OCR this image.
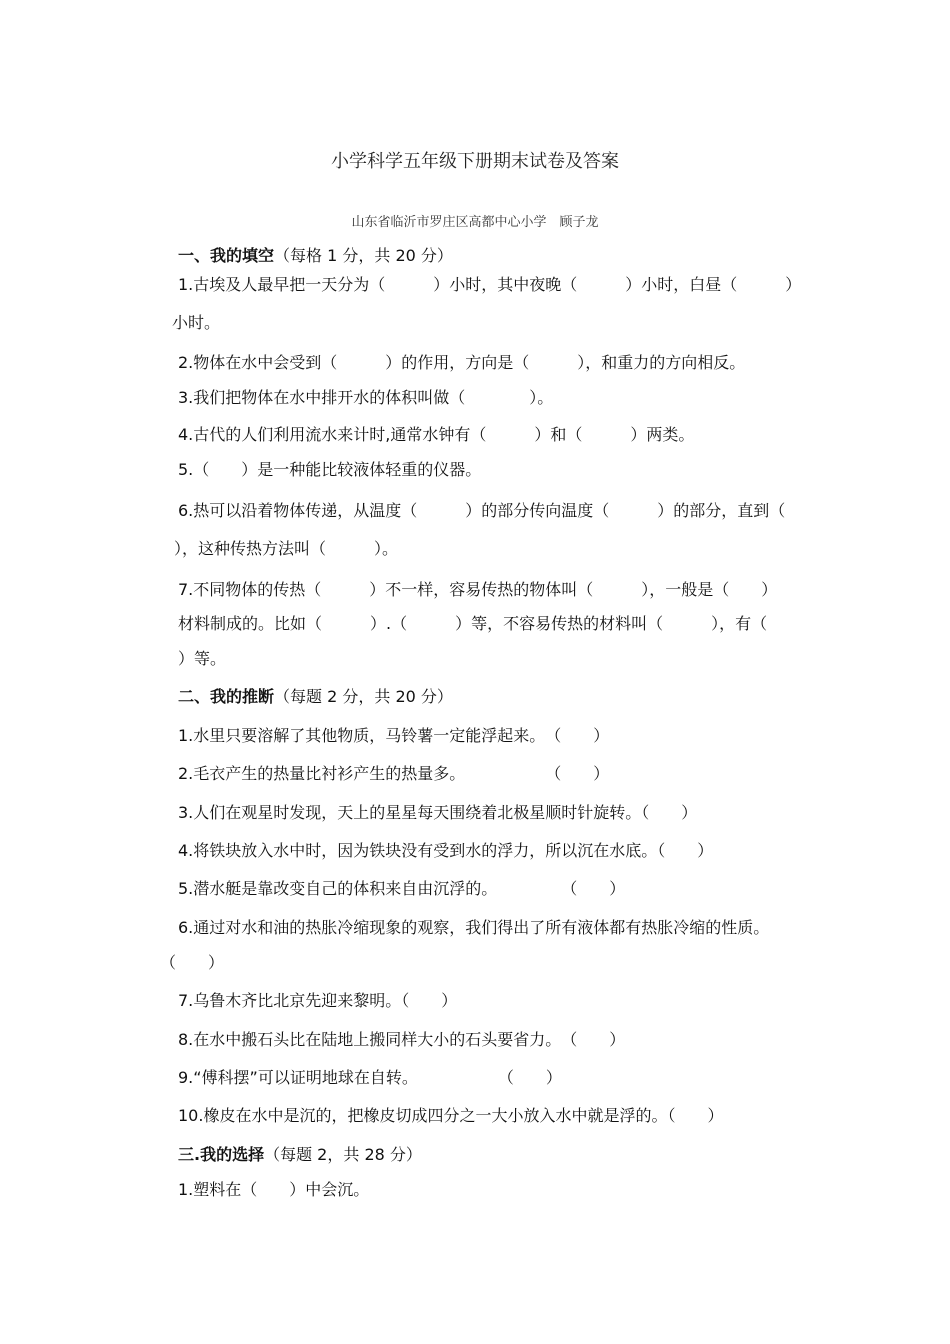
小学科学五年级下册期末试卷及答案
山东省临沂市罗庄区高都中心小学　顾子龙
一、我的填空（每格 1 分，共 20 分）
1.古埃及人最早把一天分为（　　　）小时，其中夜晚（　　　）小时，白昼（　　　）
小时。
2.物体在水中会受到（　　　）的作用，方向是（　　　），和重力的方向相反。
3.我们把物体在水中排开水的体积叫做（　　　　）。
4.古代的人们利用流水来计时,通常水钟有（　　　）和（　　　）两类。
5.（　　）是一种能比较液体轻重的仪器。
6.热可以沿着物体传递，从温度（　　　）的部分传向温度（　　　）的部分，直到（
），这种传热方法叫（　　　）。
7.不同物体的传热（　　　）不一样，容易传热的物体叫（　　　），一般是（　　）
材料制成的。比如（　　　）.（　　　）等，不容易传热的材料叫（　　　），有（
）等。
二、我的推断（每题 2 分，共 20 分）
1.水里只要溶解了其他物质，马铃薯一定能浮起来。　（　　）
2.毛衣产生的热量比衬衫产生的热量多。　　　　　　（　　）
3.人们在观星时发现，天上的星星每天围绕着北极星顺时针旋转。（　　）
4.将铁块放入水中时，因为铁块没有受到水的浮力，所以沉在水底。（　　）
5.潜水艇是靠改变自己的体积来自由沉浮的。　　　　　（　　）
6.通过对水和油的热胀冷缩现象的观察，我们得出了所有液体都有热胀冷缩的性质。
（　　）
7.乌鲁木齐比北京先迎来黎明。（　　）
8.在水中搬石头比在陆地上搬同样大小的石头要省力。　（　　）
9.“傅科摆”可以证明地球在自转。　　　　　　（　　）
10.橡皮在水中是沉的，把橡皮切成四分之一大小放入水中就是浮的。（　　）
三.我的选择（每题 2，共 28 分）
1.塑料在（　　）中会沉。
